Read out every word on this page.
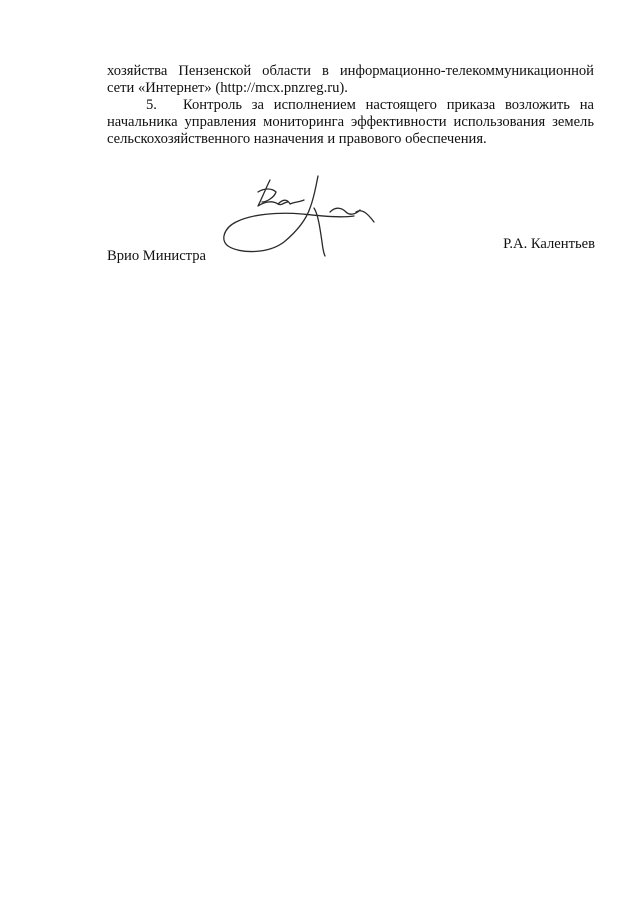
хозяйства Пензенской области в информационно-телекоммуникационной
сети «Интернет» (http://mcx.pnzreg.ru).
5. Контроль за исполнением настоящего приказа возложить на
начальника управления мониторинга эффективности использования земель
сельскохозяйственного назначения и правового обеспечения.
Врио Министра
Р.А. Калентьев
